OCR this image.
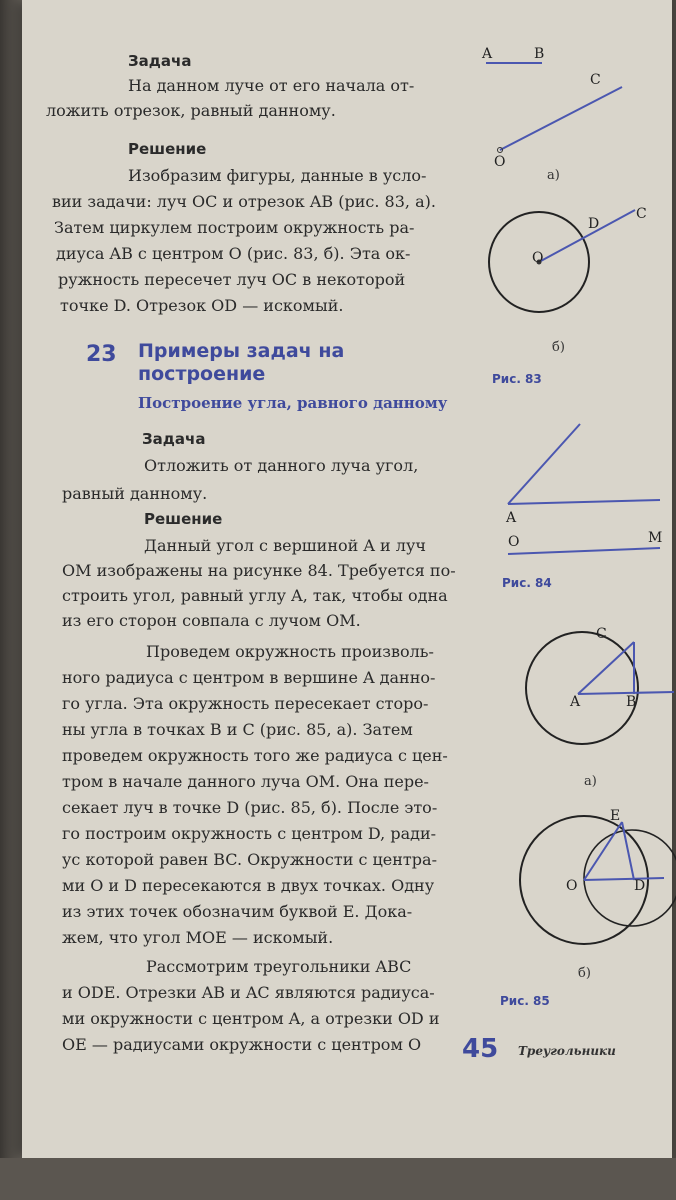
Задача
На данном луче от его начала от-
ложить отрезок, равный данному.
Решение
Изобразим фигуры, данные в усло-
вии задачи: луч OC и отрезок AB (рис. 83, а).
Затем циркулем построим окружность ра-
диуса AB с центром O (рис. 83, б). Эта ок-
ружность пересечет луч OC в некоторой
точке D. Отрезок OD — искомый.
23 Примеры задач на
построение
Построение угла, равного данному
Задача
Отложить от данного луча угол,
равный данному.
Решение
Данный угол с вершиной A и луч
OM изображены на рисунке 84. Требуется по-
строить угол, равный углу A, так, чтобы одна
из его сторон совпала с лучом OM.
Проведем окружность произволь-
ного радиуса с центром в вершине A данно-
го угла. Эта окружность пересекает сторо-
ны угла в точках B и C (рис. 85, а). Затем
проведем окружность того же радиуса с цен-
тром в начале данного луча OM. Она пере-
секает луч в точке D (рис. 85, б). После это-
го построим окружность с центром D, ради-
ус которой равен BC. Окружности с центра-
ми O и D пересекаются в двух точках. Одну
из этих точек обозначим буквой E. Дока-
жем, что угол MOE — искомый.
Рассмотрим треугольники ABC
и ODE. Отрезки AB и AC являются радиуса-
ми окружности с центром A, а отрезки OD и
OE — радиусами окружности с центром O
A	B
C
O
а)
O
D
C
б)
Рис. 83
A
O	M
Рис. 84
C
A	B
а)
E
O	D
б)
Рис. 85
45 Треугольники
